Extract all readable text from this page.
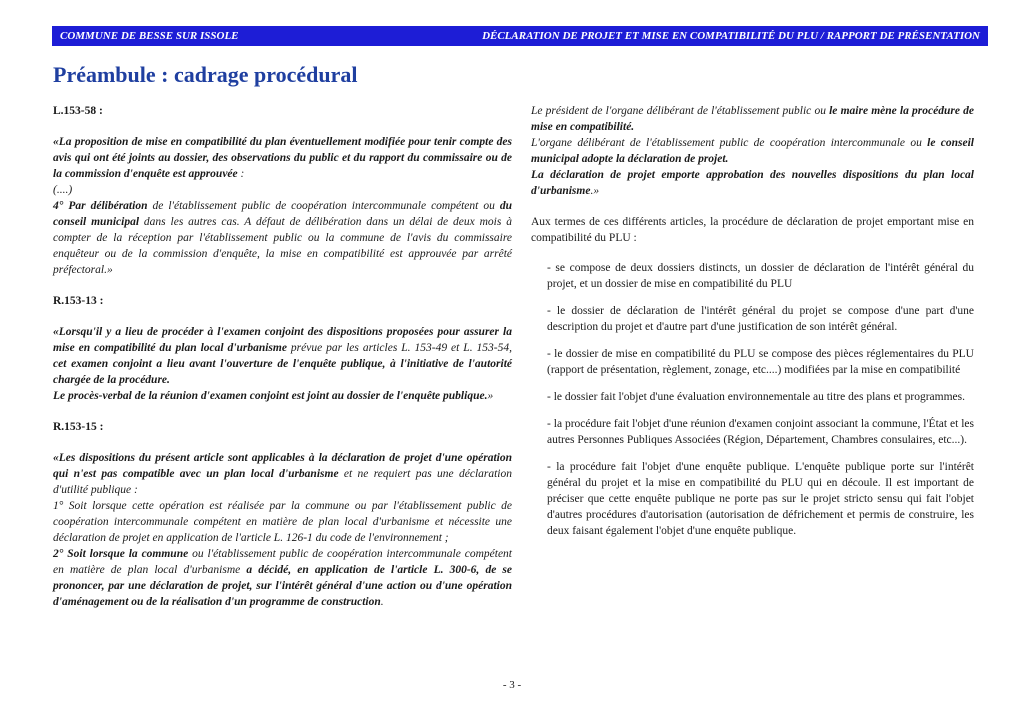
COMMUNE DE BESSE SUR ISSOLE	DÉCLARATION DE PROJET ET MISE EN COMPATIBILITÉ DU PLU / RAPPORT DE PRÉSENTATION
Préambule : cadrage procédural
L.153-58 :

«La proposition de mise en compatibilité du plan éventuellement modifiée pour tenir compte des avis qui ont été joints au dossier, des observations du public et du rapport du commissaire ou de la commission d'enquête est approuvée :

(....)

4° Par délibération de l'établissement public de coopération intercommunale compétent ou du conseil municipal dans les autres cas. A défaut de délibération dans un délai de deux mois à compter de la réception par l'établissement public ou la commune de l'avis du commissaire enquêteur ou de la commission d'enquête, la mise en compatibilité est approuvée par arrêté préfectoral.»

R.153-13 :

«Lorsqu'il y a lieu de procéder à l'examen conjoint des dispositions proposées pour assurer la mise en compatibilité du plan local d'urbanisme prévue par les articles L. 153-49 et L. 153-54, cet examen conjoint a lieu avant l'ouverture de l'enquête publique, à l'initiative de l'autorité chargée de la procédure.

Le procès-verbal de la réunion d'examen conjoint est joint au dossier de l'enquête publique.»

R.153-15 :

«Les dispositions du présent article sont applicables à la déclaration de projet d'une opération qui n'est pas compatible avec un plan local d'urbanisme et ne requiert pas une déclaration d'utilité publique :

1° Soit lorsque cette opération est réalisée par la commune ou par l'établissement public de coopération intercommunale compétent en matière de plan local d'urbanisme et nécessite une déclaration de projet en application de l'article L. 126-1 du code de l'environnement ;

2° Soit lorsque la commune ou l'établissement public de coopération intercommunale compétent en matière de plan local d'urbanisme a décidé, en application de l'article L. 300-6, de se prononcer, par une déclaration de projet, sur l'intérêt général d'une action ou d'une opération d'aménagement ou de la réalisation d'un programme de construction.

Le président de l'organe délibérant de l'établissement public ou le maire mène la procédure de mise en compatibilité.

L'organe délibérant de l'établissement public de coopération intercommunale ou le conseil municipal adopte la déclaration de projet.

La déclaration de projet emporte approbation des nouvelles dispositions du plan local d'urbanisme.»

Aux termes de ces différents articles, la procédure de déclaration de projet emportant mise en compatibilité du PLU :

- se compose de deux dossiers distincts, un dossier de déclaration de l'intérêt général du projet, et un dossier de mise en compatibilité du PLU

- le dossier de déclaration de l'intérêt général du projet se compose d'une part d'une description du projet et d'autre part d'une justification de son intérêt général.

- le dossier de mise en compatibilité du PLU se compose des pièces réglementaires du PLU (rapport de présentation, règlement, zonage, etc....) modifiées par la mise en compatibilité

- le dossier fait l'objet d'une évaluation environnementale au titre des plans et programmes.

- la procédure fait l'objet d'une réunion d'examen conjoint associant la commune, l'État et les autres Personnes Publiques Associées (Région, Département, Chambres consulaires, etc...).

- la procédure fait l'objet d'une enquête publique. L'enquête publique porte sur l'intérêt général du projet et la mise en compatibilité du PLU qui en découle. Il est important de préciser que cette enquête publique ne porte pas sur le projet stricto sensu qui fait l'objet d'autres procédures d'autorisation (autorisation de défrichement et permis de construire, les deux faisant également l'objet d'une enquête publique.

- 3 -
